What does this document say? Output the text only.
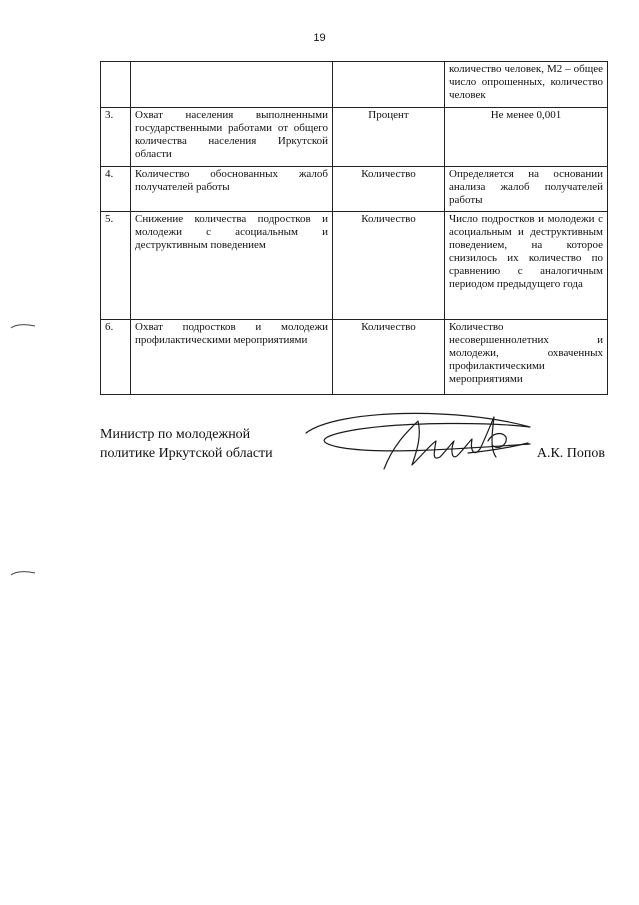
19
			количество человек, М2 – общее число опрошенных, количество человек
3.	Охват населения выполненными государственными работами от общего количества населения Иркутской области	Процент	Не менее 0,001
4.	Количество обоснованных жалоб получателей работы	Количество	Определяется на основании анализа жалоб получателей работы
5.	Снижение количества подростков и молодежи с асоциальным и деструктивным поведением	Количество	Число подростков и молодежи с асоциальным и деструктивным поведением, на которое снизилось их количество по сравнению с аналогичным периодом предыдущего года
6.	Охват подростков и молодежи профилактическими мероприятиями	Количество	Количество несовершеннолетних и молодежи, охваченных профилактическими мероприятиями
Министр по молодежной
политике Иркутской области	А.К. Попов
